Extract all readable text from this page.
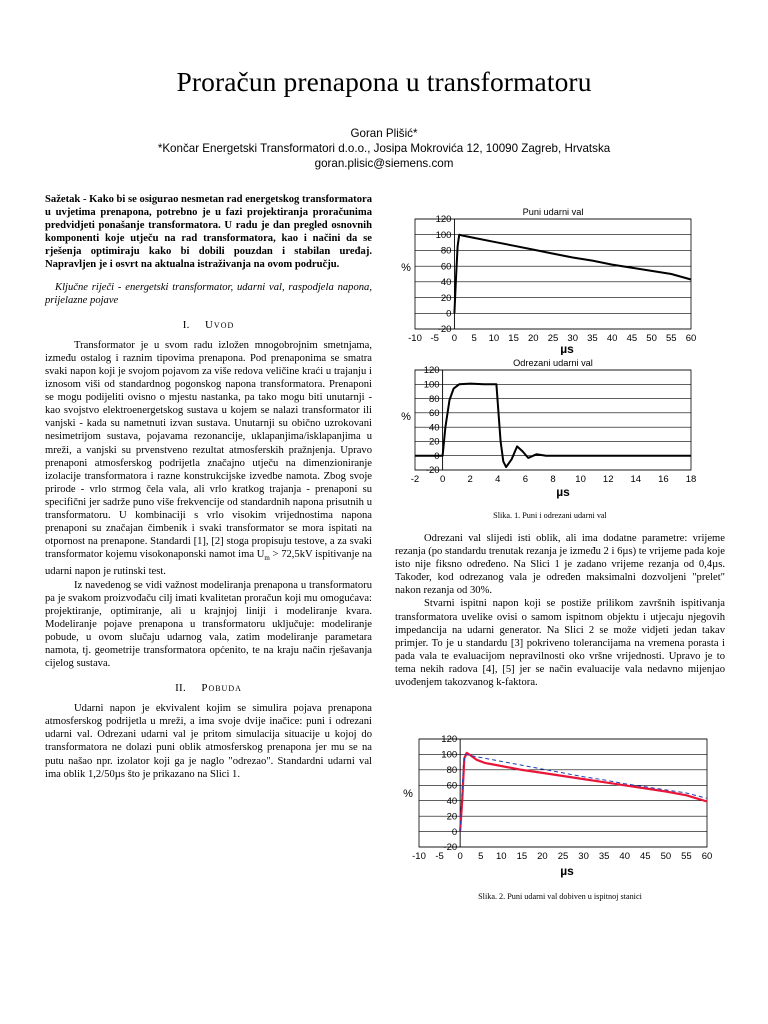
Proračun prenapona u transformatoru
Goran Plišić*
*Končar Energetski Transformatori d.o.o., Josipa Mokrovića 12, 10090 Zagreb, Hrvatska
goran.plisic@siemens.com

Sažetak - Kako bi se osigurao nesmetan rad energetskog transformatora u uvjetima prenapona, potrebno je u fazi projektiranja proračunima predvidjeti ponašanje transformatora. U radu je dan pregled osnovnih komponenti koje utječu na rad transformatora, kao i načini da se rješenja optimiraju kako bi dobili pouzdan i stabilan uređaj. Napravljen je i osvrt na aktualna istraživanja na ovom području.

Ključne riječi - energetski transformator, udarni val, raspodjela napona, prijelazne pojave

I. Uvod

Transformator je u svom radu izložen mnogobrojnim smetnjama, između ostalog i raznim tipovima prenapona. Pod prenaponima se smatra svaki napon koji je svojom pojavom za više redova veličine kraći u trajanju i iznosom viši od standardnog pogonskog napona transformatora. Prenaponi se mogu podijeliti ovisno o mjestu nastanka, pa tako mogu biti unutarnji - kao svojstvo elektroenergetskog sustava u kojem se nalazi transformator ili vanjski - kada su nametnuti izvan sustava. Unutarnji su obično uzrokovani nesimetrijom sustava, pojavama rezonancije, uklapanjima/isklapanjima u mreži, a vanjski su prvenstveno rezultat atmosferskih pražnjenja. Upravo prenaponi atmosferskog podrijetla značajno utječu na dimenzioniranje izolacije transformatora i razne konstrukcijske izvedbe namota. Zbog svoje prirode - vrlo strmog čela vala, ali vrlo kratkog trajanja - prenaponi su specifični jer sadrže puno više frekvencije od standardnih napona prisutnih u transformatoru. U kombinaciji s vrlo visokim vrijednostima napona prenaponi su značajan čimbenik i svaki transformator se mora ispitati na otpornost na prenapone. Standardi [1], [2] stoga propisuju testove, a za svaki transformator kojemu visokonaponski namot ima $U_m > 72,5kV$ ispitivanje na udarni napon je rutinski test.

Iz navedenog se vidi važnost modeliranja prenapona u transformatoru pa je svakom proizvođaču cilj imati kvalitetan proračun koji mu omogućava: projektiranje, optimiranje, ali u krajnjoj liniji i modeliranje kvara. Modeliranje pojave prenapona u transformatoru uključuje: modeliranje pobude, u ovom slučaju udarnog vala, zatim modeliranje parametara namota, tj. geometrije transformatora općenito, te na kraju način rješavanja cijelog sustava.

II. Pobuda

Udarni napon je ekvivalent kojim se simulira pojava prenapona atmosferskog podrijetla u mreži, a ima svoje dvije inačice: puni i odrezani udarni val. Odrezani udarni val je pritom simulacija situacije u kojoj do transformatora ne dolazi puni oblik atmosferskog prenapona jer mu se na putu našao npr. izolator koji ga je naglo "odrezao". Standardni udarni val ima oblik 1,2/50µs što je prikazano na Slici 1.

120
100
80
60
40
20
0
-20
-10 -5 0 5 10 15 20 25 30 35 40 45 50 55 60
Puni udarni val
µs
%
120
100
80
60
40
20
0
-20
-2 0 2 4 6 8 10 12 14 16 18
Odrezani udarni val
µs
%
Slika. 1. Puni i odrezani udarni val

Odrezani val slijedi isti oblik, ali ima dodatne parametre: vrijeme rezanja (po standardu trenutak rezanja je između 2 i 6µs) te vrijeme pada koje isto nije fiksno određeno. Na Slici 1 je zadano vrijeme rezanja od 0,4µs. Također, kod odrezanog vala je određen maksimalni dozvoljeni "prelet" nakon rezanja od 30%.

Stvarni ispitni napon koji se postiže prilikom završnih ispitivanja transformatora uvelike ovisi o samom ispitnom objektu i utjecaju njegovih impedancija na udarni generator. Na Slici 2 se može vidjeti jedan takav primjer. To je u standardu [3] pokriveno tolerancijama na vremena porasta i pada vala te evaluacijom nepravilnosti oko vršne vrijednosti. Upravo je to tema nekih radova [4], [5] jer se način evaluacije vala nedavno mijenjao uvođenjem takozvanog k-faktora.

120
100
80
60
40
20
0
-20
-10 -5 0 5 10 15 20 25 30 35 40 45 50 55 60
µs
%
Slika. 2. Puni udarni val dobiven u ispitnoj stanici
